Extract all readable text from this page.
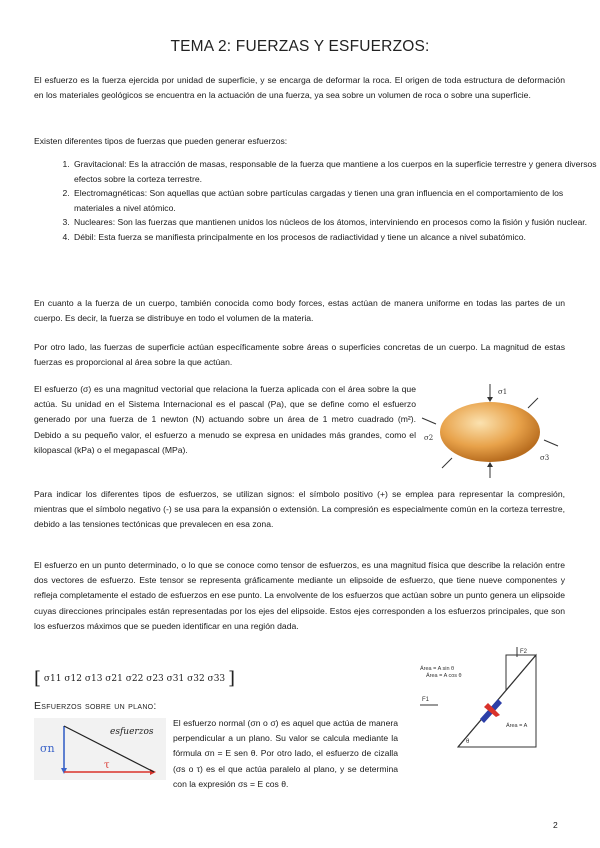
TEMA 2: FUERZAS Y ESFUERZOS:

El esfuerzo es la fuerza ejercida por unidad de superficie, y se encarga de deformar la roca. El origen de toda estructura de deformación en los materiales geológicos se encuentra en la actuación de una fuerza, ya sea sobre un volumen de roca o sobre una superficie.

Existen diferentes tipos de fuerzas que pueden generar esfuerzos:

1. Gravitacional: Es la atracción de masas, responsable de la fuerza que mantiene a los cuerpos en la superficie terrestre y genera diversos efectos sobre la corteza terrestre.
2. Electromagnéticas: Son aquellas que actúan sobre partículas cargadas y tienen una gran influencia en el comportamiento de los materiales a nivel atómico.
3. Nucleares: Son las fuerzas que mantienen unidos los núcleos de los átomos, interviniendo en procesos como la fisión y fusión nuclear.
4. Débil: Esta fuerza se manifiesta principalmente en los procesos de radiactividad y tiene un alcance a nivel subatómico.

En cuanto a la fuerza de un cuerpo, también conocida como body forces, estas actúan de manera uniforme en todas las partes de un cuerpo. Es decir, la fuerza se distribuye en todo el volumen de la materia.

Por otro lado, las fuerzas de superficie actúan específicamente sobre áreas o superficies concretas de un cuerpo. La magnitud de estas fuerzas es proporcional al área sobre la que actúan.

El esfuerzo (σ) es una magnitud vectorial que relaciona la fuerza aplicada con el área sobre la que actúa. Su unidad en el Sistema Internacional es el pascal (Pa), que se define como el esfuerzo generado por una fuerza de 1 newton (N) actuando sobre un área de 1 metro cuadrado (m²). Debido a su pequeño valor, el esfuerzo a menudo se expresa en unidades más grandes, como el kilopascal (kPa) o el megapascal (MPa).

Para indicar los diferentes tipos de esfuerzos, se utilizan signos: el símbolo positivo (+) se emplea para representar la compresión, mientras que el símbolo negativo (-) se usa para la expansión o extensión. La compresión es especialmente común en la corteza terrestre, debido a las tensiones tectónicas que prevalecen en esa zona.

El esfuerzo en un punto determinado, o lo que se conoce como tensor de esfuerzos, es una magnitud física que describe la relación entre dos vectores de esfuerzo. Este tensor se representa gráficamente mediante un elipsoide de esfuerzo, que tiene nueve componentes y refleja completamente el estado de esfuerzos en ese punto. La envolvente de los esfuerzos que actúan sobre un punto genera un elipsoide cuyas direcciones principales están representadas por los ejes del elipsoide. Estos ejes corresponden a los esfuerzos principales, que son los esfuerzos máximos que se pueden identificar en una región dada.

[ σ11 σ12 σ13 σ21 σ22 σ23 σ31 σ32 σ33 ]
Esfuerzos sobre un plano:

El esfuerzo normal (σn o σ) es aquel que actúa de manera perpendicular a un plano. Su valor se calcula mediante la fórmula σn = E sen θ. Por otro lado, el esfuerzo de cizalla (σs o τ) es el que actúa paralelo al plano, y se determina con la expresión σs = E cos θ.

σ1
σ2
σ3
Área = A sin θ
Área = A cos θ
Área = A
F2
F1
θ
σn
esfuerzos
τ
2
